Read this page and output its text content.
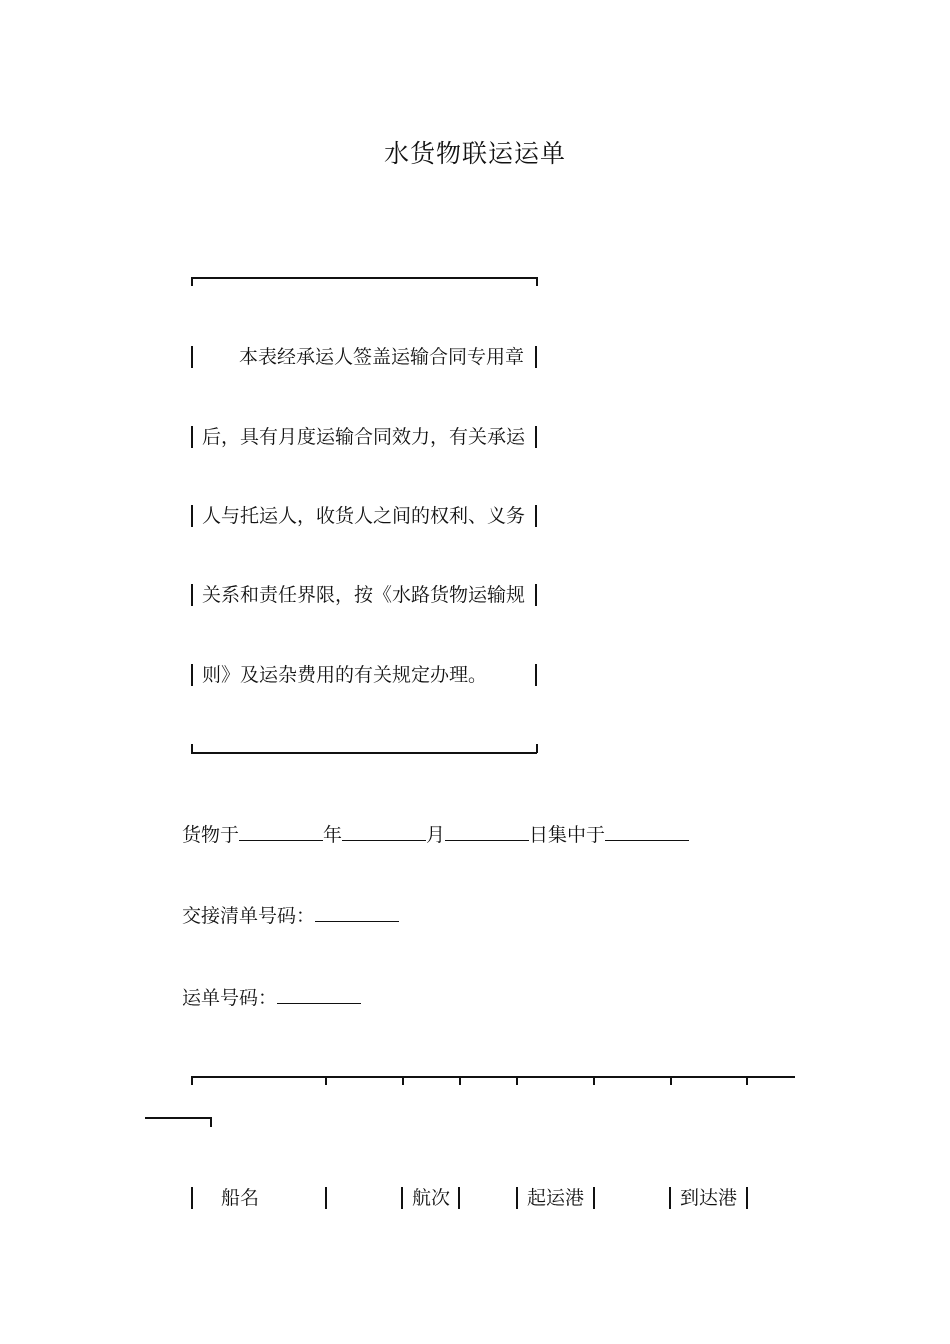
水货物联运运单
本表经承运人签盖运输合同专用章
后，具有月度运输合同效力，有关承运
人与托运人，收货人之间的权利、义务
关系和责任界限，按《水路货物运输规
则》及运杂费用的有关规定办理。
货物于	年	月	日集中于
交接清单号码：
运单号码：
船名	航次	起运港	到达港
